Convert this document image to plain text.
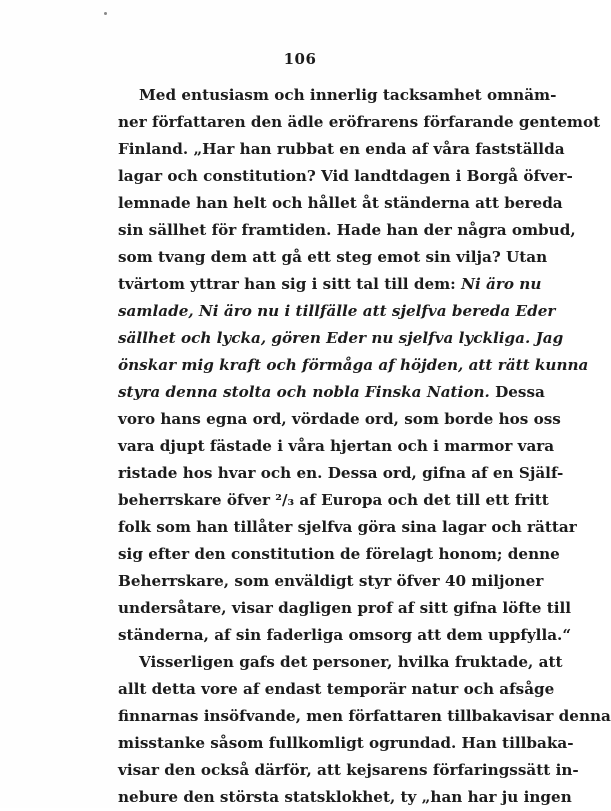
106
Med entusiasm och innerlig tacksamhet omnäm-
ner författaren den ädle eröfrarens förfarande gentemot
Finland. „Har han rubbat en enda af våra fastställda
lagar och constitution? Vid landtdagen i Borgå öfver-
lemnade han helt och hållet åt ständerna att bereda
sin sällhet för framtiden. Hade han der några ombud,
som tvang dem att gå ett steg emot sin vilja? Utan
tvärtom yttrar han sig i sitt tal till dem: Ni äro nu
samlade, Ni äro nu i tillfälle att sjelfva bereda Eder
sällhet och lycka, gören Eder nu sjelfva lyckliga. Jag
önskar mig kraft och förmåga af höjden, att rätt kunna
styra denna stolta och nobla Finska Nation. Dessa
voro hans egna ord, vördade ord, som borde hos oss
vara djupt fästade i våra hjertan och i marmor vara
ristade hos hvar och en. Dessa ord, gifna af en Själf-
beherrskare öfver ²/₃ af Europa och det till ett fritt
folk som han tillåter sjelfva göra sina lagar och rättar
sig efter den constitution de förelagt honom; denne
Beherrskare, som enväldigt styr öfver 40 miljoner
undersåtare, visar dagligen prof af sitt gifna löfte till
ständerna, af sin faderliga omsorg att dem uppfylla.“
Visserligen gafs det personer, hvilka fruktade, att
allt detta vore af endast temporär natur och afsåge
finnarnas insöfvande, men författaren tillbakavisar denna
misstanke såsom fullkomligt ogrundad. Han tillbaka-
visar den också därför, att kejsarens förfaringssätt in-
nebure den största statsklokhet, ty „han har ju ingen
